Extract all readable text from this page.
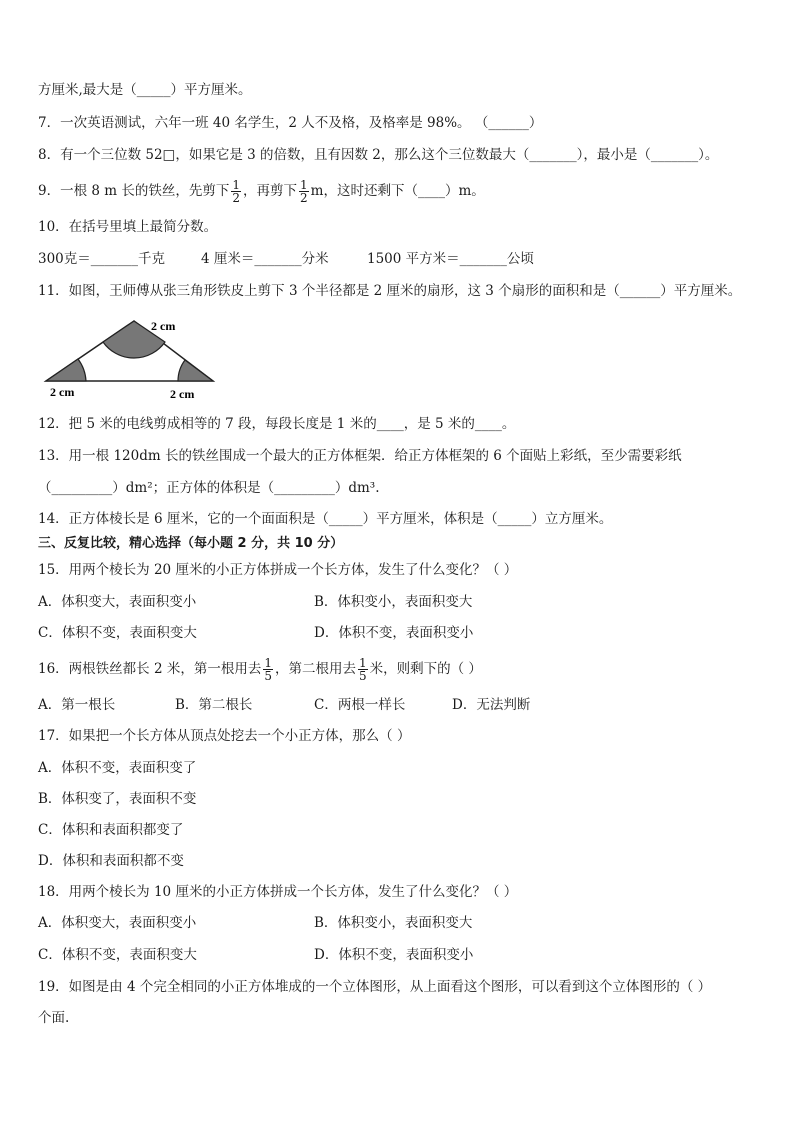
方厘米,最大是（_____）平方厘米。
7．一次英语测试，六年一班 40 名学生，2 人不及格，及格率是 98%。 （______）
8．有一个三位数 52□，如果它是 3 的倍数，且有因数 2，那么这个三位数最大（_______），最小是（_______）。
9．一根 8 m 长的铁丝，先剪下 $\frac{1}{2}$ ，再剪下 $\frac{1}{2}$ m，这时还剩下（____）m。
10．在括号里填上最简分数。
300克＝_______千克	4 厘米＝_______分米	1500 平方米＝_______公顷
11．如图，王师傅从张三角形铁皮上剪下 3 个半径都是 2 厘米的扇形，这 3 个扇形的面积和是（______）平方厘米。
2 cm
2 cm	2 cm
12．把 5 米的电线剪成相等的 7 段，每段长度是 1 米的____，是 5 米的____。
13．用一根 120dm 长的铁丝围成一个最大的正方体框架．给正方体框架的 6 个面贴上彩纸，至少需要彩纸
（_________）dm²；正方体的体积是（_________）dm³.
14．正方体棱长是 6 厘米，它的一个面面积是（_____）平方厘米，体积是（_____）立方厘米。
三、反复比较，精心选择（每小题 2 分，共 10 分）
15．用两个棱长为 20 厘米的小正方体拼成一个长方体，发生了什么变化？（ ）
A．体积变大，表面积变小	B．体积变小，表面积变大
C．体积不变，表面积变大	D．体积不变，表面积变小
16．两根铁丝都长 2 米，第一根用去 $\frac{1}{5}$ ，第二根用去 $\frac{1}{5}$ 米，则剩下的（ ）
A．第一根长	B．第二根长	C．两根一样长	D．无法判断
17．如果把一个长方体从顶点处挖去一个小正方体，那么（ ）
A．体积不变，表面积变了
B．体积变了，表面积不变
C．体积和表面积都变了
D．体积和表面积都不变
18．用两个棱长为 10 厘米的小正方体拼成一个长方体，发生了什么变化？（ ）
A．体积变大，表面积变小	B．体积变小，表面积变大
C．体积不变，表面积变大	D．体积不变，表面积变小
19．如图是由 4 个完全相同的小正方体堆成的一个立体图形，从上面看这个图形，可以看到这个立体图形的（ ）
个面.
